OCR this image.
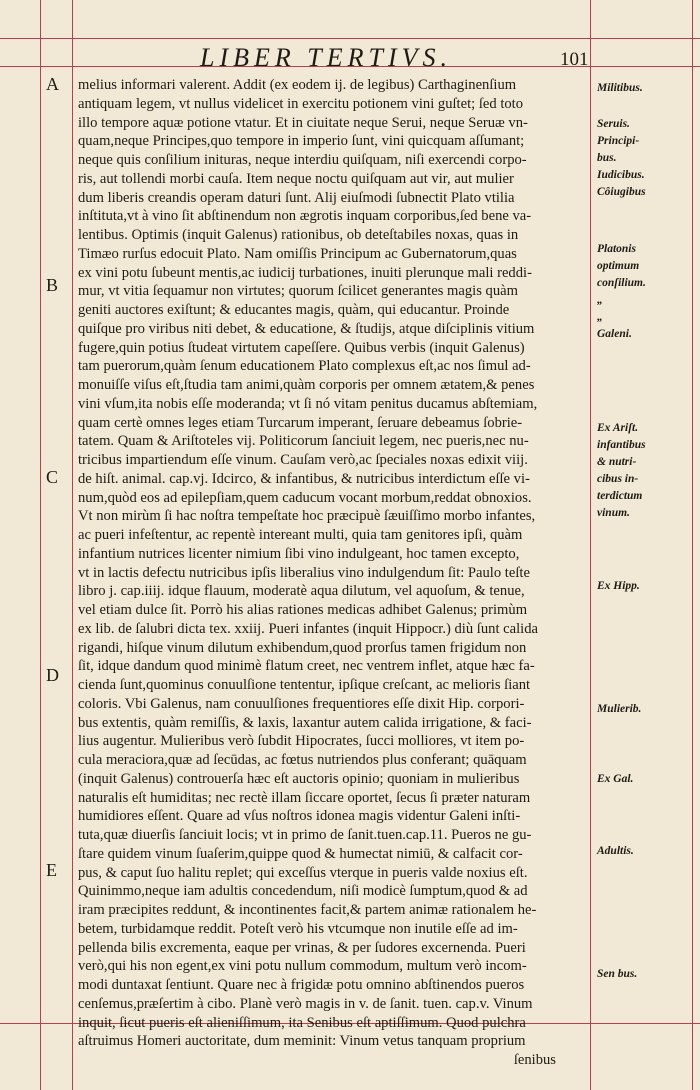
LIBER TERTIVS.	101
A
B
C
D
E
melius informari valerent. Addit (ex eodem ij. de legibus) Carthaginenſium
antiquam legem, vt nullus videlicet in exercitu potionem vini guſtet; ſed toto
illo tempore aquæ potione vtatur. Et in ciuitate neque Serui, neque Seruæ vn-
quam,neque Principes,quo tempore in imperio ſunt, vini quicquam aſſumant;
neque quis conſilium inituras, neque interdiu quiſquam, niſi exercendi corpo-
ris, aut tollendi morbi cauſa. Item neque noctu quiſquam aut vir, aut mulier
dum liberis creandis operam daturi ſunt. Alij eiuſmodi ſubnectit Plato vtilia
inſtituta,vt à vino ſit abſtinendum non ægrotis inquam corporibus,ſed bene va-
lentibus. Optimis (inquit Galenus) rationibus, ob deteſtabiles noxas, quas in
Timæo rurſus edocuit Plato. Nam omiſſis Principum ac Gubernatorum,quas
ex vini potu ſubeunt mentis,ac iudicij turbationes, inuiti plerunque mali reddi-
mur, vt vitia ſequamur non virtutes; quorum ſcilicet generantes magis quàm
geniti auctores exiſtunt; & educantes magis, quàm, qui educantur. Proinde
quiſque pro viribus niti debet, & educatione, & ſtudijs, atque diſciplinis vitium
fugere,quin potius ſtudeat virtutem capeſſere. Quibus verbis (inquit Galenus)
tam puerorum,quàm ſenum educationem Plato complexus eſt,ac nos ſimul ad-
monuiſſe viſus eſt,ſtudia tam animi,quàm corporis per omnem ætatem,& penes
vini vſum,ita nobis eſſe moderanda; vt ſi nó vitam penitus ducamus abſtemiam,
quam certè omnes leges etiam Turcarum imperant, ſeruare debeamus ſobrie-
tatem. Quam & Ariſtoteles vij. Politicorum ſanciuit legem, nec pueris,nec nu-
tricibus impartiendum eſſe vinum. Cauſam verò,ac ſpeciales noxas edixit viij.
de hiſt. animal. cap.vj. Idcirco, & infantibus, & nutricibus interdictum eſſe vi-
num,quòd eos ad epilepſiam,quem caducum vocant morbum,reddat obnoxios.
Vt non mirùm ſi hac noſtra tempeſtate hoc præcipuè ſæuiſſimo morbo infantes,
ac pueri infeſtentur, ac repentè intereant multi, quia tam genitores ipſi, quàm
infantium nutrices licenter nimium ſibi vino indulgeant, hoc tamen excepto,
vt in lactis defectu nutricibus ipſis liberalius vino indulgendum ſit: Paulo teſte
libro j. cap.iiij. idque flauum, moderatè aqua dilutum, vel aquoſum, & tenue,
vel etiam dulce ſit. Porrò his alias rationes medicas adhibet Galenus; primùm
ex lib. de ſalubri dicta tex. xxiij. Pueri infantes (inquit Hippocr.) diù ſunt calida
rigandi, hiſque vinum dilutum exhibendum,quod prorſus tamen frigidum non
ſit, idque dandum quod minimè flatum creet, nec ventrem inflet, atque hæc fa-
cienda ſunt,quominus conuulſione tententur, ipſique creſcant, ac melioris ſiant
coloris. Vbi Galenus, nam conuulſiones frequentiores eſſe dixit Hip. corpori-
bus extentis, quàm remiſſis, & laxis, laxantur autem calida irrigatione, & faci-
lius augentur. Mulieribus verò ſubdit Hipocrates, ſucci molliores, vt item po-
cula meraciora,quæ ad ſecūdas, ac fœtus nutriendos plus conferant; quāquam
(inquit Galenus) controuerſa hæc eſt auctoris opinio; quoniam in mulieribus
naturalis eſt humiditas; nec rectè illam ſiccare oportet, ſecus ſi præter naturam
humidiores eſſent. Quare ad vſus noſtros idonea magis videntur Galeni inſti-
tuta,quæ diuerſis ſanciuit locis; vt in primo de ſanit.tuen.cap.11. Pueros ne gu-
ſtare quidem vinum ſuaſerim,quippe quod & humectat nimiū, & calfacit cor-
pus, & caput ſuo halitu replet; qui exceſſus vterque in pueris valde noxius eſt.
Quinimmo,neque iam adultis concedendum, niſi modicè ſumptum,quod & ad
iram præcipites reddunt, & incontinentes facit,& partem animæ rationalem he-
betem, turbidamque reddit. Poteſt verò his vtcumque non inutile eſſe ad im-
pellenda bilis excrementa, eaque per vrinas, & per ſudores excernenda. Pueri
verò,qui his non egent,ex vini potu nullum commodum, multum verò incom-
modi duntaxat ſentiunt. Quare nec à frigidæ potu omnino abſtinendos pueros
cenſemus,præſertim à cibo. Planè verò magis in v. de ſanit. tuen. cap.v. Vinum
inquit, ſicut pueris eſt alieniſſimum, ita Senibus eſt aptiſſimum. Quod pulchra
aſtruimus Homeri auctoritate, dum meminit: Vinum vetus tanquam proprium
ſenibus
Militibus.
Seruis.
Principi-
bus.
Iudicibus.
Côiugibus
Platonis
optimum
conſilium.
„
„
Galeni.
Ex Ariſt.
infantibus
& nutri-
cibus in-
terdictum
vinum.
Ex Hipp.
Mulierib.
Ex Gal.
Adultis.
Sen bus.
